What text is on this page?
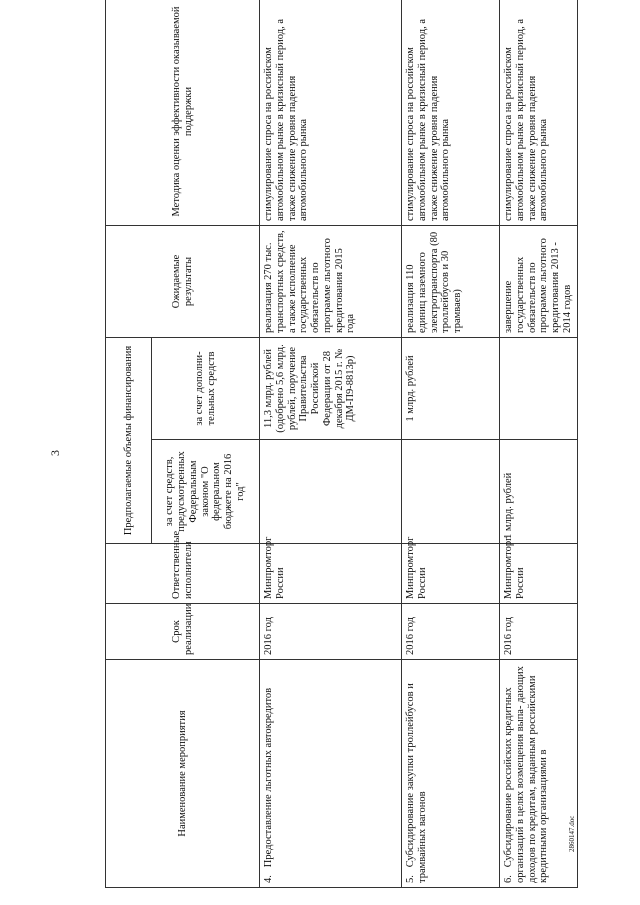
3
Наименование мероприятия	Срок реализации	Ответственные исполнители	Предполагаемые объемы финансирования		Ожидаемые результаты	Методика оценки эффективности оказываемой поддержки
			за счет средств, предусмотренных Федеральным законом "О федеральном бюджете на 2016 год"	за счет дополни- тельных средств		
4.   Предоставление льготных автокредитов	2016 год	Минпромторг России		11,3 млрд. рублей (одобрено 5,6 млрд. рублей, поручение Правительства Российской Федерации от 28 декабря 2015 г. № ДМ-П9-8813р)	реализация 270 тыс. транспортных средств, а также исполнение государственных обязательств по программе льготного кредитования 2015 года	стимулирование спроса на российском автомобильном рынке в кризисный период, а также снижение уровня падения автомобильного рынка
5.   Субсидирование закупки троллейбусов и трамвайных вагонов	2016 год	Минпромторг России		1 млрд. рублей	реализация 110 единиц наземного электротранспорта (80 троллейбусов и 30 трамваев)	стимулирование спроса на российском автомобильном рынке в кризисный период, а также снижение уровня падения автомобильного рынка
6.   Субсидирование российских кредитных организаций в целях возмещения выпа- дающих доходов по кредитам, выданным российскими кредитными организациями в	2016 год	Минпромторг России	1 млрд. рублей		завершение государственных обязательств по программе льготного кредитования 2013 - 2014 годов	стимулирование спроса на российском автомобильном рынке в кризисный период, а также снижение уровня падения автомобильного рынка
2860147.doc
